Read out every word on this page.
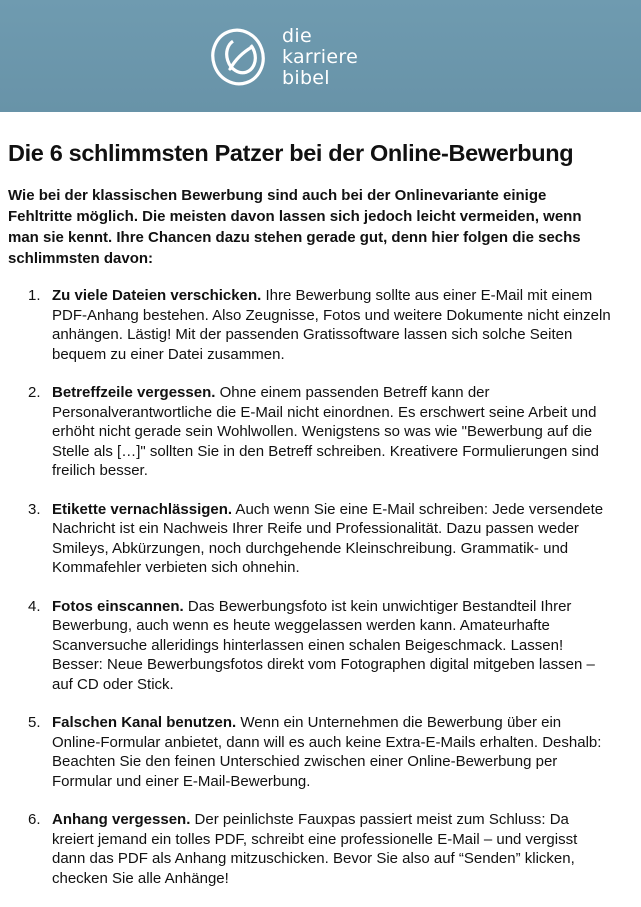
die
karriere
bibel
Die 6 schlimmsten Patzer bei der Online-Bewerbung

Wie bei der klassischen Bewerbung sind auch bei der Onlinevariante einige Fehltritte möglich. Die meisten davon lassen sich jedoch leicht vermeiden, wenn man sie kennt. Ihre Chancen dazu stehen gerade gut, denn hier folgen die sechs schlimmsten davon:

1. Zu viele Dateien verschicken. Ihre Bewerbung sollte aus einer E-Mail mit einem PDF-Anhang bestehen. Also Zeugnisse, Fotos und weitere Dokumente nicht einzeln anhängen. Lästig! Mit der passenden Gratissoftware lassen sich solche Seiten bequem zu einer Datei zusammen.
2. Betreffzeile vergessen. Ohne einem passenden Betreff kann der Personalverantwortliche die E-Mail nicht einordnen. Es erschwert seine Arbeit und erhöht nicht gerade sein Wohlwollen. Wenigstens so was wie "Bewerbung auf die Stelle als […]" sollten Sie in den Betreff schreiben. Kreativere Formulierungen sind freilich besser.
3. Etikette vernachlässigen. Auch wenn Sie eine E-Mail schreiben: Jede versendete Nachricht ist ein Nachweis Ihrer Reife und Professionalität. Dazu passen weder Smileys, Abkürzungen, noch durchgehende Kleinschreibung. Grammatik- und Kommafehler verbieten sich ohnehin.
4. Fotos einscannen. Das Bewerbungsfoto ist kein unwichtiger Bestandteil Ihrer Bewerbung, auch wenn es heute weggelassen werden kann. Amateurhafte Scanversuche alleridings hinterlassen einen schalen Beigeschmack. Lassen! Besser: Neue Bewerbungsfotos direkt vom Fotographen digital mitgeben lassen – auf CD oder Stick.
5. Falschen Kanal benutzen. Wenn ein Unternehmen die Bewerbung über ein Online-Formular anbietet, dann will es auch keine Extra-E-Mails erhalten. Deshalb: Beachten Sie den feinen Unterschied zwischen einer Online-Bewerbung per Formular und einer E-Mail-Bewerbung.
6. Anhang vergessen. Der peinlichste Fauxpas passiert meist zum Schluss: Da kreiert jemand ein tolles PDF, schreibt eine professionelle E-Mail – und vergisst dann das PDF als Anhang mitzuschicken. Bevor Sie also auf “Senden” klicken, checken Sie alle Anhänge!
